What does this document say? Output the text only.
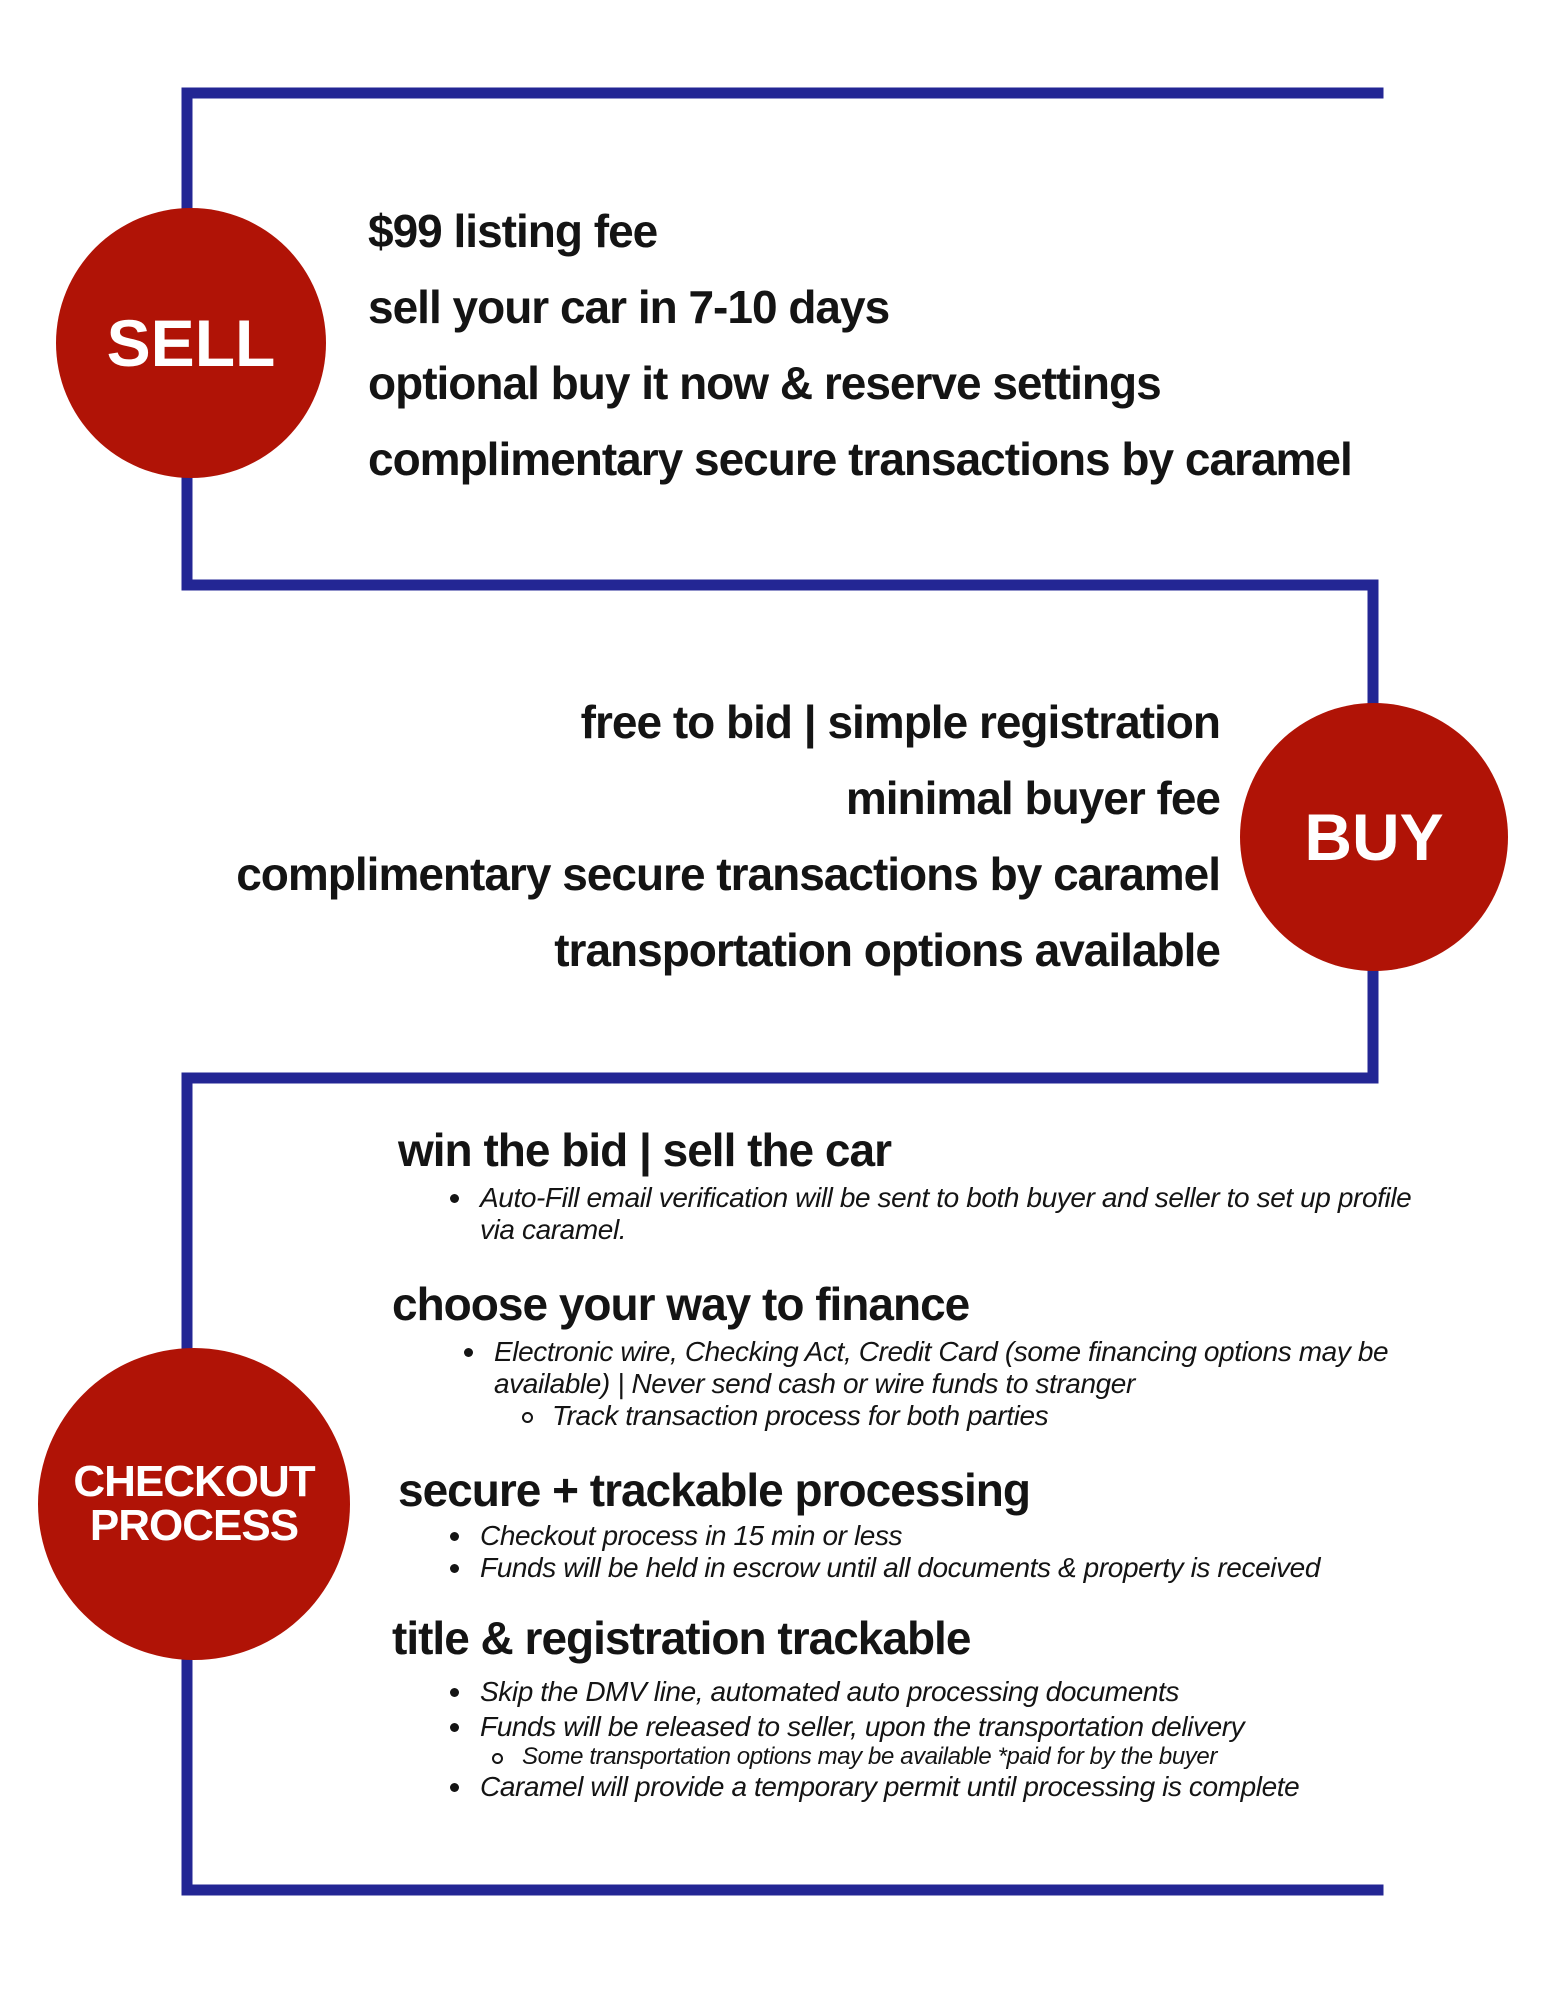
SELL
$99 listing fee
sell your car in 7-10 days
optional buy it now & reserve settings
complimentary secure transactions by caramel
BUY
free to bid | simple registration
minimal buyer fee
complimentary secure transactions by caramel
transportation options available
CHECKOUT
PROCESS
win the bid | sell the car
Auto-Fill email verification will be sent to both buyer and seller to set up profile via caramel.
choose your way to finance
Electronic wire, Checking Act, Credit Card (some financing options may be available) | Never send cash or wire funds to stranger
Track transaction process for both parties
secure + trackable processing
Checkout process in 15 min or less
Funds will be held in escrow until all documents & property is received
title & registration trackable
Skip the DMV line, automated auto processing documents
Funds will be released to seller, upon the transportation delivery
Some transportation options may be available *paid for by the buyer
Caramel will provide a temporary permit until processing is complete
